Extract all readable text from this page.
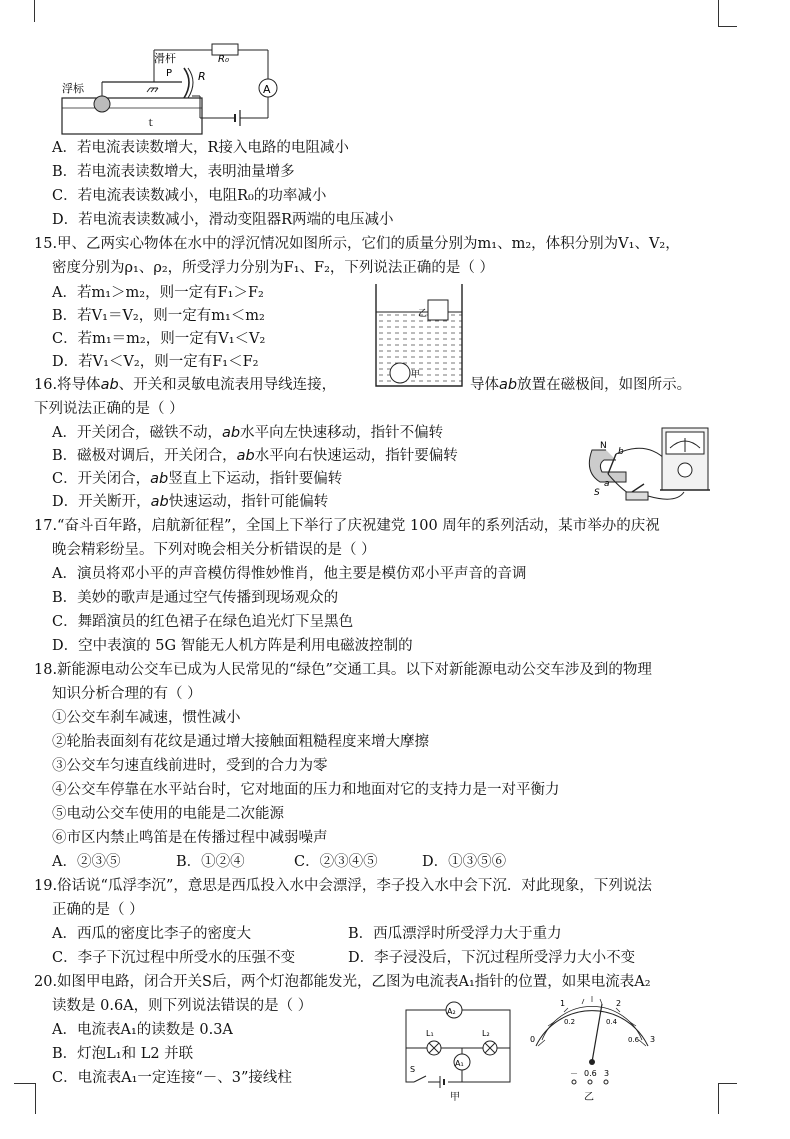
浮标
滑杆
P R
R₀
A
ｔ
A．若电流表读数增大，R接入电路的电阻减小
B．若电流表读数增大，表明油量增多
C．若电流表读数减小，电阻R₀的功率减小
D．若电流表读数减小，滑动变阻器R两端的电压减小
15.甲、乙两实心物体在水中的浮沉情况如图所示，它们的质量分别为m₁、m₂，体积分别为V₁、V₂，
密度分别为ρ₁、ρ₂，所受浮力分别为F₁、F₂，下列说法正确的是（ ）
A．若m₁＞m₂，则一定有F₁＞F₂
B．若V₁＝V₂，则一定有m₁＜m₂
C．若m₁＝m₂，则一定有V₁＜V₂
D．若V₁＜V₂，则一定有F₁＜F₂
乙
甲
16.将导体ab、开关和灵敏电流表用导线连接，	导体ab放置在磁极间，如图所示。
下列说法正确的是（ ）
A．开关闭合，磁铁不动，ab水平向左快速移动，指针不偏转
B．磁极对调后，开关闭合，ab水平向右快速运动，指针要偏转
C．开关闭合，ab竖直上下运动，指针要偏转
D．开关断开，ab快速运动，指针可能偏转
N
S
a
b
17.“奋斗百年路，启航新征程”，全国上下举行了庆祝建党 100 周年的系列活动，某市举办的庆祝
晚会精彩纷呈。下列对晚会相关分析错误的是（ ）
A．演员将邓小平的声音模仿得惟妙惟肖，他主要是模仿邓小平声音的音调
B．美妙的歌声是通过空气传播到现场观众的
C．舞蹈演员的红色裙子在绿色追光灯下呈黑色
D．空中表演的 5G 智能无人机方阵是利用电磁波控制的
18.新能源电动公交车已成为人民常见的“绿色”交通工具。以下对新能源电动公交车涉及到的物理
知识分析合理的有（ ）
①公交车刹车减速，惯性减小
②轮胎表面刻有花纹是通过增大接触面粗糙程度来增大摩擦
③公交车匀速直线前进时，受到的合力为零
④公交车停靠在水平站台时，它对地面的压力和地面对它的支持力是一对平衡力
⑤电动公交车使用的电能是二次能源
⑥市区内禁止鸣笛是在传播过程中减弱噪声
A．②③⑤	B．①②④	C．②③④⑤	D．①③⑤⑥
19.俗话说“瓜浮李沉”，意思是西瓜投入水中会漂浮，李子投入水中会下沉．对此现象，下列说法
正确的是（ ）
A．西瓜的密度比李子的密度大	B．西瓜漂浮时所受浮力大于重力
C．李子下沉过程中所受水的压强不变	D．李子浸没后，下沉过程所受浮力大小不变
20.如图甲电路，闭合开关S后，两个灯泡都能发光，乙图为电流表A₁指针的位置，如果电流表A₂
读数是 0.6A，则下列说法错误的是（ ）
A．电流表A₁的读数是 0.3A
B．灯泡L₁和 L2 并联
C．电流表A₁一定连接“－、3”接线柱
A₂
L₁	L₂
A₁
S
甲
0
1	2
3
0.2	0.4
0.6
－ 0.6 3
乙
